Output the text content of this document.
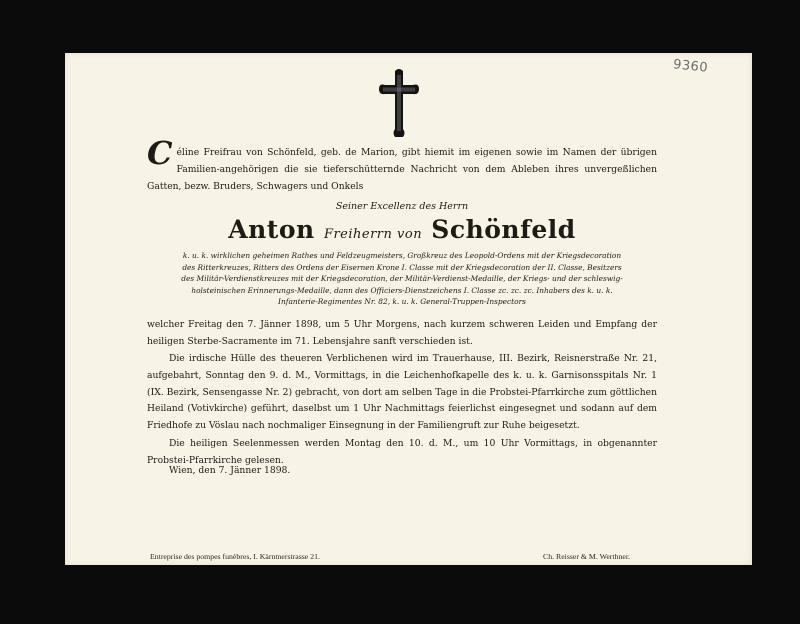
9360

C éline Freifrau von Schönfeld, geb. de Marion, gibt hiemit im eigenen sowie im Namen der übrigen Familien-angehörigen die sie tieferschütternde Nachricht von dem Ableben ihres unvergeßlichen Gatten, bezw. Bruders, Schwagers und Onkels

Seiner Excellenz des Herrn
Anton Freiherrn von Schönfeld

k. u. k. wirklichen geheimen Rathes und Feldzeugmeisters, Großkreuz des Leopold-Ordens mit der Kriegsdecoration des Ritterkreuzes, Ritters des Ordens der Eisernen Krone I. Classe mit der Kriegsdecoration der II. Classe, Besitzers des Militär-Verdienstkreuzes mit der Kriegsdecoration, der Militär-Verdienst-Medaille, der Kriegs- und der schleswig-holsteinischen Erinnerungs-Medaille, dann des Officiers-Dienstzeichens I. Classe zc. zc. zc. Inhabers des k. u. k. Infanterie-Regimentes Nr. 82, k. u. k. General-Truppen-Inspectors

welcher Freitag den 7. Jänner 1898, um 5 Uhr Morgens, nach kurzem schweren Leiden und Empfang der heiligen Sterbe-Sacramente im 71. Lebensjahre sanft verschieden ist.

Die irdische Hülle des theueren Verblichenen wird im Trauerhause, III. Bezirk, Reisnerstraße Nr. 21, aufgebahrt, Sonntag den 9. d. M., Vormittags, in die Leichenhofkapelle des k. u. k. Garnisonsspitals Nr. 1 (IX. Bezirk, Sensengasse Nr. 2) gebracht, von dort am selben Tage in die Probstei-Pfarrkirche zum göttlichen Heiland (Votivkirche) geführt, daselbst um 1 Uhr Nachmittags feierlichst eingesegnet und sodann auf dem Friedhofe zu Vöslau nach nochmaliger Einsegnung in der Familiengruft zur Ruhe beigesetzt.

Die heiligen Seelenmessen werden Montag den 10. d. M., um 10 Uhr Vormittags, in obgenannter Probstei-Pfarrkirche gelesen.

Wien, den 7. Jänner 1898.

Entreprise des pompes funèbres, I. Kärntnerstrasse 21.	Ch. Reisser & M. Werthner.
